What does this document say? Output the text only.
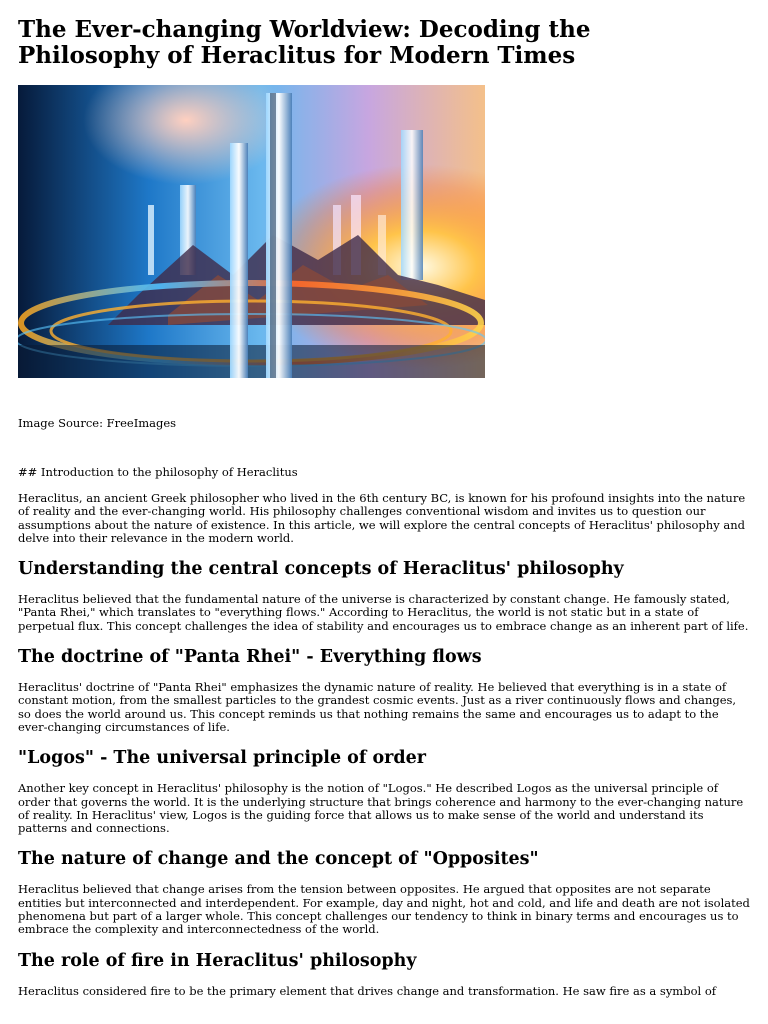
The Ever-changing Worldview: Decoding the
Philosophy of Heraclitus for Modern Times
Image Source: FreeImages
## Introduction to the philosophy of Heraclitus

Heraclitus, an ancient Greek philosopher who lived in the 6th century BC, is known for his profound insights into the nature of reality and the ever-changing world. His philosophy challenges conventional wisdom and invites us to question our assumptions about the nature of existence. In this article, we will explore the central concepts of Heraclitus' philosophy and delve into their relevance in the modern world.

Understanding the central concepts of Heraclitus' philosophy

Heraclitus believed that the fundamental nature of the universe is characterized by constant change. He famously stated, "Panta Rhei," which translates to "everything flows." According to Heraclitus, the world is not static but in a state of perpetual flux. This concept challenges the idea of stability and encourages us to embrace change as an inherent part of life.

The doctrine of "Panta Rhei" - Everything flows

Heraclitus' doctrine of "Panta Rhei" emphasizes the dynamic nature of reality. He believed that everything is in a state of constant motion, from the smallest particles to the grandest cosmic events. Just as a river continuously flows and changes, so does the world around us. This concept reminds us that nothing remains the same and encourages us to adapt to the ever-changing circumstances of life.

"Logos" - The universal principle of order

Another key concept in Heraclitus' philosophy is the notion of "Logos." He described Logos as the universal principle of order that governs the world. It is the underlying structure that brings coherence and harmony to the ever-changing nature of reality. In Heraclitus' view, Logos is the guiding force that allows us to make sense of the world and understand its patterns and connections.

The nature of change and the concept of "Opposites"

Heraclitus believed that change arises from the tension between opposites. He argued that opposites are not separate entities but interconnected and interdependent. For example, day and night, hot and cold, and life and death are not isolated phenomena but part of a larger whole. This concept challenges our tendency to think in binary terms and encourages us to embrace the complexity and interconnectedness of the world.

The role of fire in Heraclitus' philosophy

Heraclitus considered fire to be the primary element that drives change and transformation. He saw fire as a symbol of
